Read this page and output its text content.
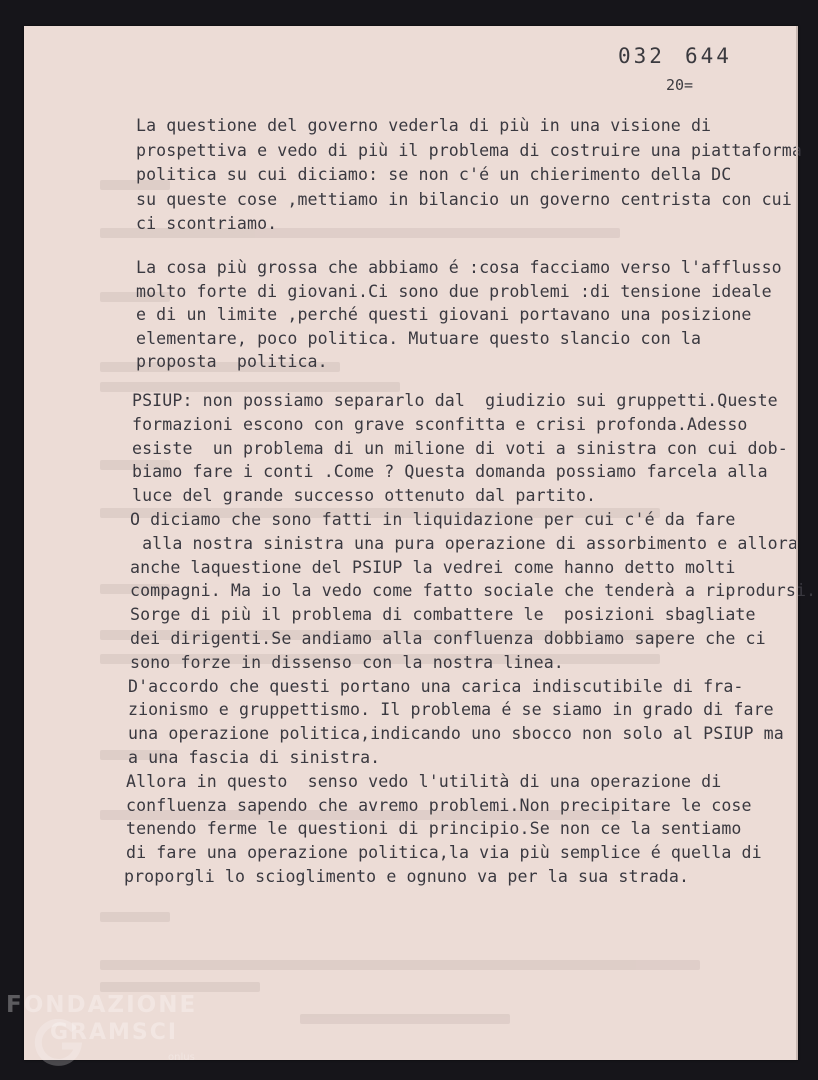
032 644
20=
La questione del governo vederla di più in una visione di
prospettiva e vedo di più il problema di costruire una piattaforma
politica su cui diciamo: se non c'é un chierimento della DC
su queste cose ,mettiamo in bilancio un governo centrista con cui
ci scontriamo.
La cosa più grossa che abbiamo é :cosa facciamo verso l'afflusso
molto forte di giovani.Ci sono due problemi :di tensione ideale
e di un limite ,perché questi giovani portavano una posizione
elementare, poco politica. Mutuare questo slancio con la
proposta  politica.
PSIUP: non possiamo separarlo dal  giudizio sui gruppetti.Queste
formazioni escono con grave sconfitta e crisi profonda.Adesso
esiste  un problema di un milione di voti a sinistra con cui dob-
biamo fare i conti .Come ? Questa domanda possiamo farcela alla
luce del grande successo ottenuto dal partito.
O diciamo che sono fatti in liquidazione per cui c'é da fare
alla nostra sinistra una pura operazione di assorbimento e allora
anche laquestione del PSIUP la vedrei come hanno detto molti
compagni. Ma io la vedo come fatto sociale che tenderà a riprodursi.
Sorge di più il problema di combattere le  posizioni sbagliate
dei dirigenti.Se andiamo alla confluenza dobbiamo sapere che ci
sono forze in dissenso con la nostra linea.
D'accordo che questi portano una carica indiscutibile di fra-
zionismo e gruppettismo. Il problema é se siamo in grado di fare
una operazione politica,indicando uno sbocco non solo al PSIUP ma
a una fascia di sinistra.
Allora in questo  senso vedo l'utilità di una operazione di
confluenza sapendo che avremo problemi.Non precipitare le cose
tenendo ferme le questioni di principio.Se non ce la sentiamo
di fare una operazione politica,la via più semplice é quella di
proporgli lo scioglimento e ognuno va per la sua strada.
FONDAZIONE
GRAMSCI
onlus
